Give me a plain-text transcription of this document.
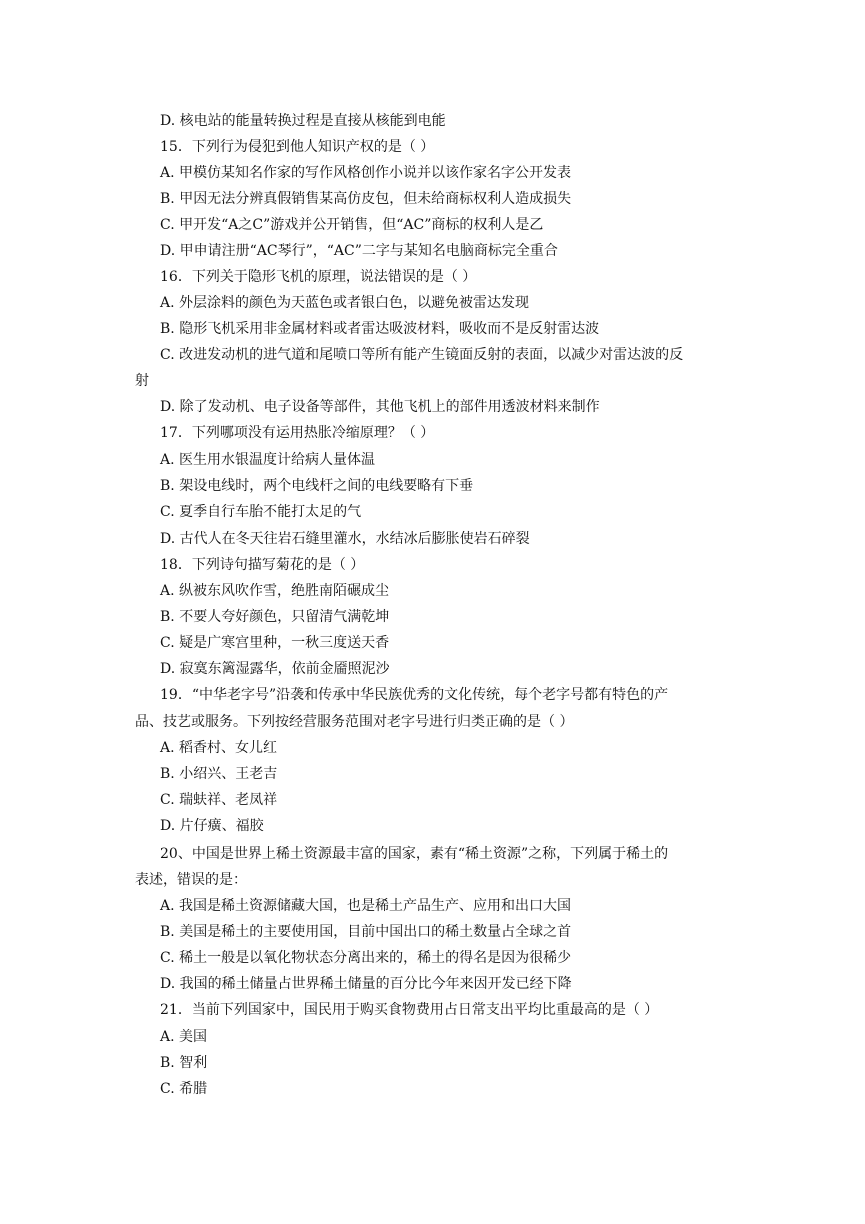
D. 核电站的能量转换过程是直接从核能到电能
15．下列行为侵犯到他人知识产权的是（ ）
A. 甲模仿某知名作家的写作风格创作小说并以该作家名字公开发表
B. 甲因无法分辨真假销售某高仿皮包，但未给商标权利人造成损失
C. 甲开发“A之C”游戏并公开销售，但“AC”商标的权利人是乙
D. 甲申请注册“AC琴行”，“AC”二字与某知名电脑商标完全重合
16．下列关于隐形飞机的原理，说法错误的是（ ）
A. 外层涂料的颜色为天蓝色或者银白色，以避免被雷达发现
B. 隐形飞机采用非金属材料或者雷达吸波材料，吸收而不是反射雷达波
C. 改进发动机的进气道和尾喷口等所有能产生镜面反射的表面，以减少对雷达波的反
射
D. 除了发动机、电子设备等部件，其他飞机上的部件用透波材料来制作
17．下列哪项没有运用热胀冷缩原理？（ ）
A. 医生用水银温度计给病人量体温
B. 架设电线时，两个电线杆之间的电线要略有下垂
C. 夏季自行车胎不能打太足的气
D. 古代人在冬天往岩石缝里灌水，水结冰后膨胀使岩石碎裂
18．下列诗句描写菊花的是（ ）
A. 纵被东风吹作雪，绝胜南陌碾成尘
B. 不要人夸好颜色，只留清气满乾坤
C. 疑是广寒宫里种，一秋三度送天香
D. 寂寞东篱湿露华，依前金靥照泥沙
19．“中华老字号”沿袭和传承中华民族优秀的文化传统，每个老字号都有特色的产
品、技艺或服务。下列按经营服务范围对老字号进行归类正确的是（ ）
A. 稻香村、女儿红
B. 小绍兴、王老吉
C. 瑞蚨祥、老凤祥
D. 片仔癀、福胶
20、中国是世界上稀土资源最丰富的国家，素有“稀土资源”之称，下列属于稀土的
表述，错误的是：
A. 我国是稀土资源储藏大国，也是稀土产品生产、应用和出口大国
B. 美国是稀土的主要使用国，目前中国出口的稀土数量占全球之首
C. 稀土一般是以氧化物状态分离出来的，稀土的得名是因为很稀少
D. 我国的稀土储量占世界稀土储量的百分比今年来因开发已经下降
21．当前下列国家中，国民用于购买食物费用占日常支出平均比重最高的是（ ）
A. 美国
B. 智利
C. 希腊
